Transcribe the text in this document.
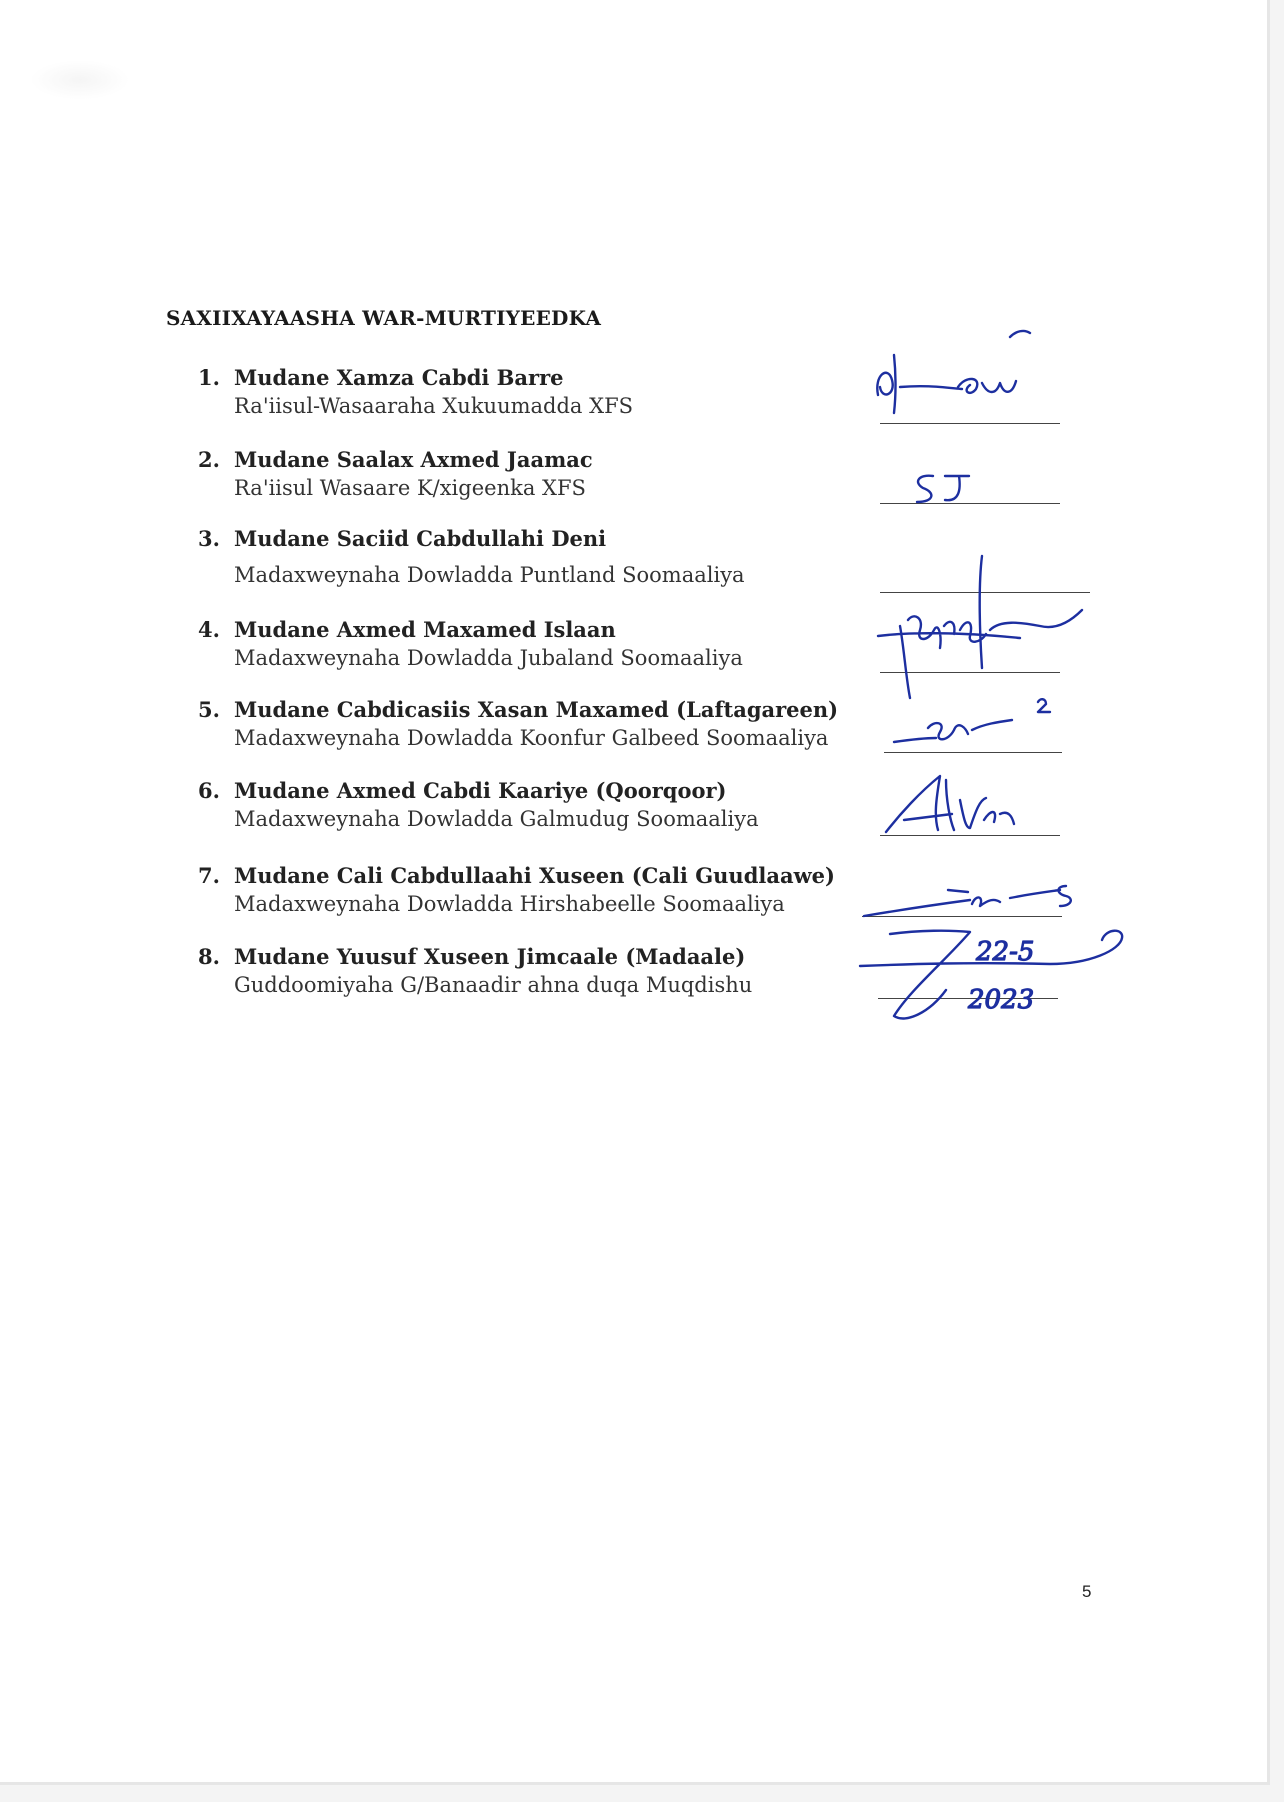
SAXIIXAYAASHA WAR-MURTIYEEDKA
1. Mudane Xamza Cabdi Barre
Ra'iisul-Wasaaraha Xukuumadda XFS
2. Mudane Saalax Axmed Jaamac
Ra'iisul Wasaare K/xigeenka XFS
3. Mudane Saciid Cabdullahi Deni
Madaxweynaha Dowladda Puntland Soomaaliya
4. Mudane Axmed Maxamed Islaan
Madaxweynaha Dowladda Jubaland Soomaaliya
5. Mudane Cabdicasiis Xasan Maxamed (Laftagareen)
Madaxweynaha Dowladda Koonfur Galbeed Soomaaliya
6. Mudane Axmed Cabdi Kaariye (Qoorqoor)
Madaxweynaha Dowladda Galmudug Soomaaliya
7. Mudane Cali Cabdullaahi Xuseen (Cali Guudlaawe)
Madaxweynaha Dowladda Hirshabeelle Soomaaliya
8. Mudane Yuusuf Xuseen Jimcaale (Madaale)
Guddoomiyaha G/Banaadir ahna duqa Muqdishu
22-5
2023
5
